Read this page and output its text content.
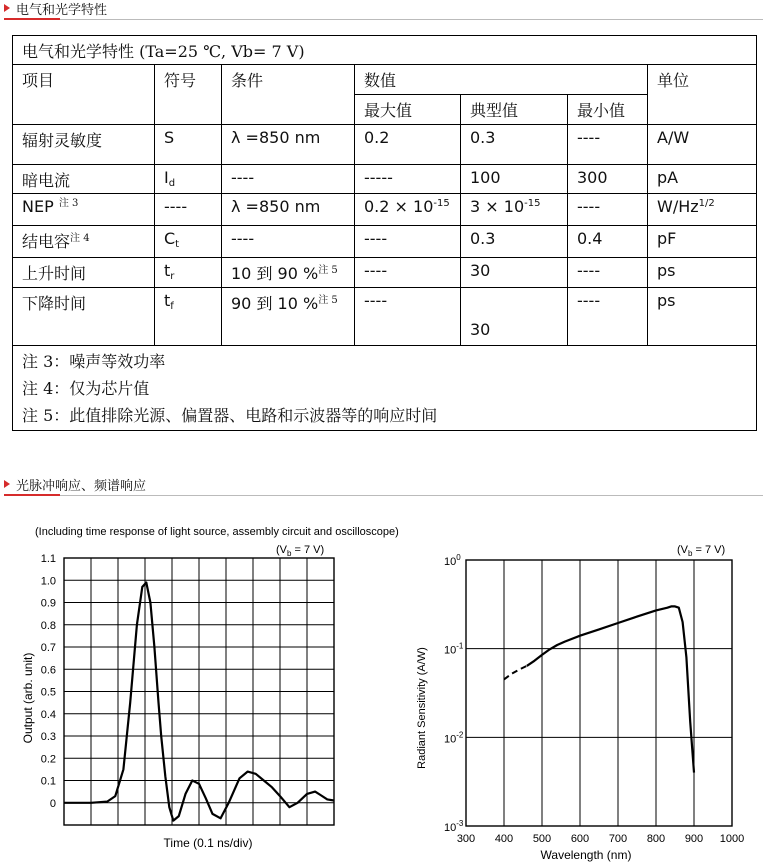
电气和光学特性
电气和光学特性 (Ta=25 ℃, Vb= 7 V)						
项目	符号	条件	数值			单位
			最大值	典型值	最小值	
辐射灵敏度	S	λ =850 nm	0.2	0.3	----	A/W
暗电流	$I_d$	----	-----	100	300	pA
NEP $^{注 3}$	----	λ =850 nm	$0.2 \times 10^{-15}$	$3 \times 10^{-15}$	----	$W/Hz^{1/2}$
结电容$^{注 4}$	$C_t$	----	----	0.3	0.4	pF
上升时间	$t_r$	10 到 90 %$^{注 5}$	----	30	----	ps
下降时间	$t_f$	90 到 10 %$^{注 5}$	----	30	----	ps

注 3：噪声等效功率
注 4：仅为芯片值
注 5：此值排除光源、偏置器、电路和示波器等的响应时间						
光脉冲响应、频谱响应
(Including time response of light source, assembly circuit and oscilloscope)
($V_b = 7$ V)
1.1
1.0
0.9
0.8
0.7
0.6
0.5
0.4
0.3
0.2
0.1
0
Time (0.1 ns/div)
Output (arb. unit)
($V_b = 7$ V)
300 400 500 600 700 800 900 1000
$10^0$
$10^{-1}$
$10^{-2}$
$10^{-3}$
Wavelength (nm)
Radiant Sensitivity (A/W)
